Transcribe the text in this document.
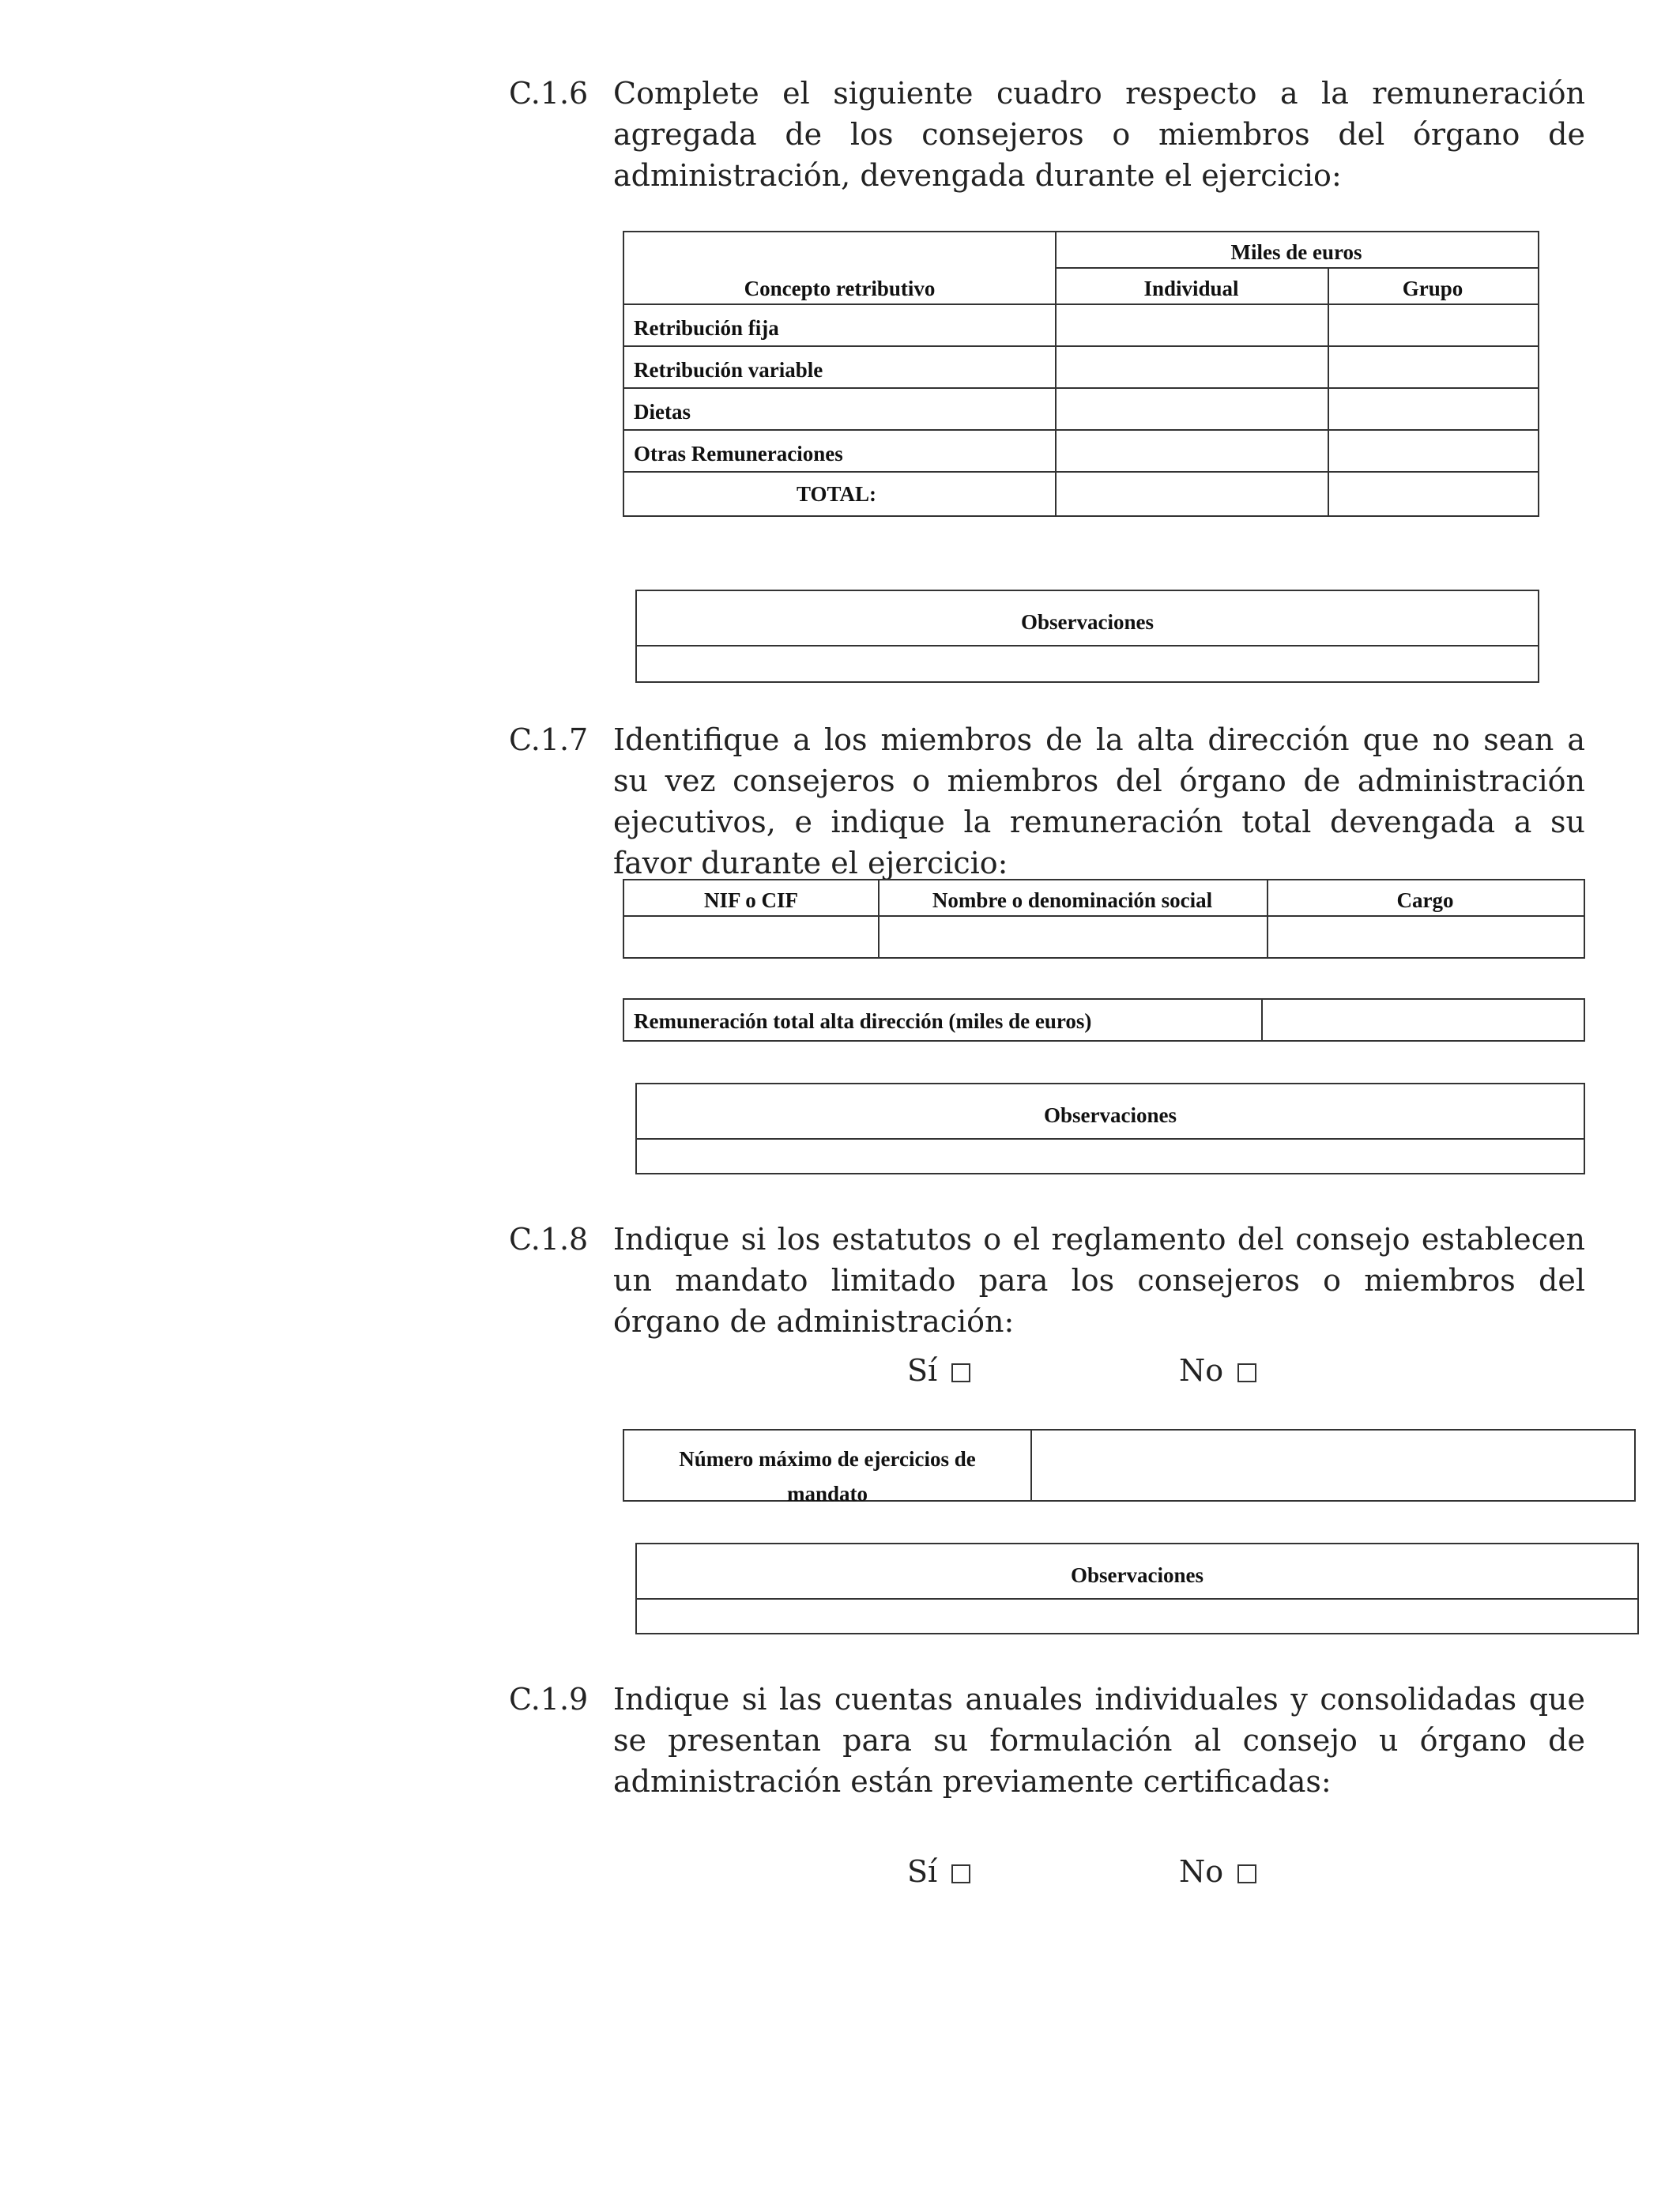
C.1.6 Complete el siguiente cuadro respecto a la remuneración agregada de los consejeros o miembros del órgano de administración, devengada durante el ejercicio:
Miles de euros
Concepto retributivo	Individual	Grupo
Retribución fija
Retribución variable
Dietas
Otras Remuneraciones
TOTAL:
Observaciones
C.1.7 Identifique a los miembros de la alta dirección que no sean a su vez consejeros o miembros del órgano de administración ejecutivos, e indique la remuneración total devengada a su favor durante el ejercicio:
NIF o CIF	Nombre o denominación social	Cargo
Remuneración total alta dirección (miles de euros)
Observaciones
C.1.8 Indique si los estatutos o el reglamento del consejo establecen un mandato limitado para los consejeros o miembros del órgano de administración:
Sí	No
Número máximo de ejercicios de
mandato
Observaciones
C.1.9 Indique si las cuentas anuales individuales y consolidadas que se presentan para su formulación al consejo u órgano de administración están previamente certificadas:
Sí	No
